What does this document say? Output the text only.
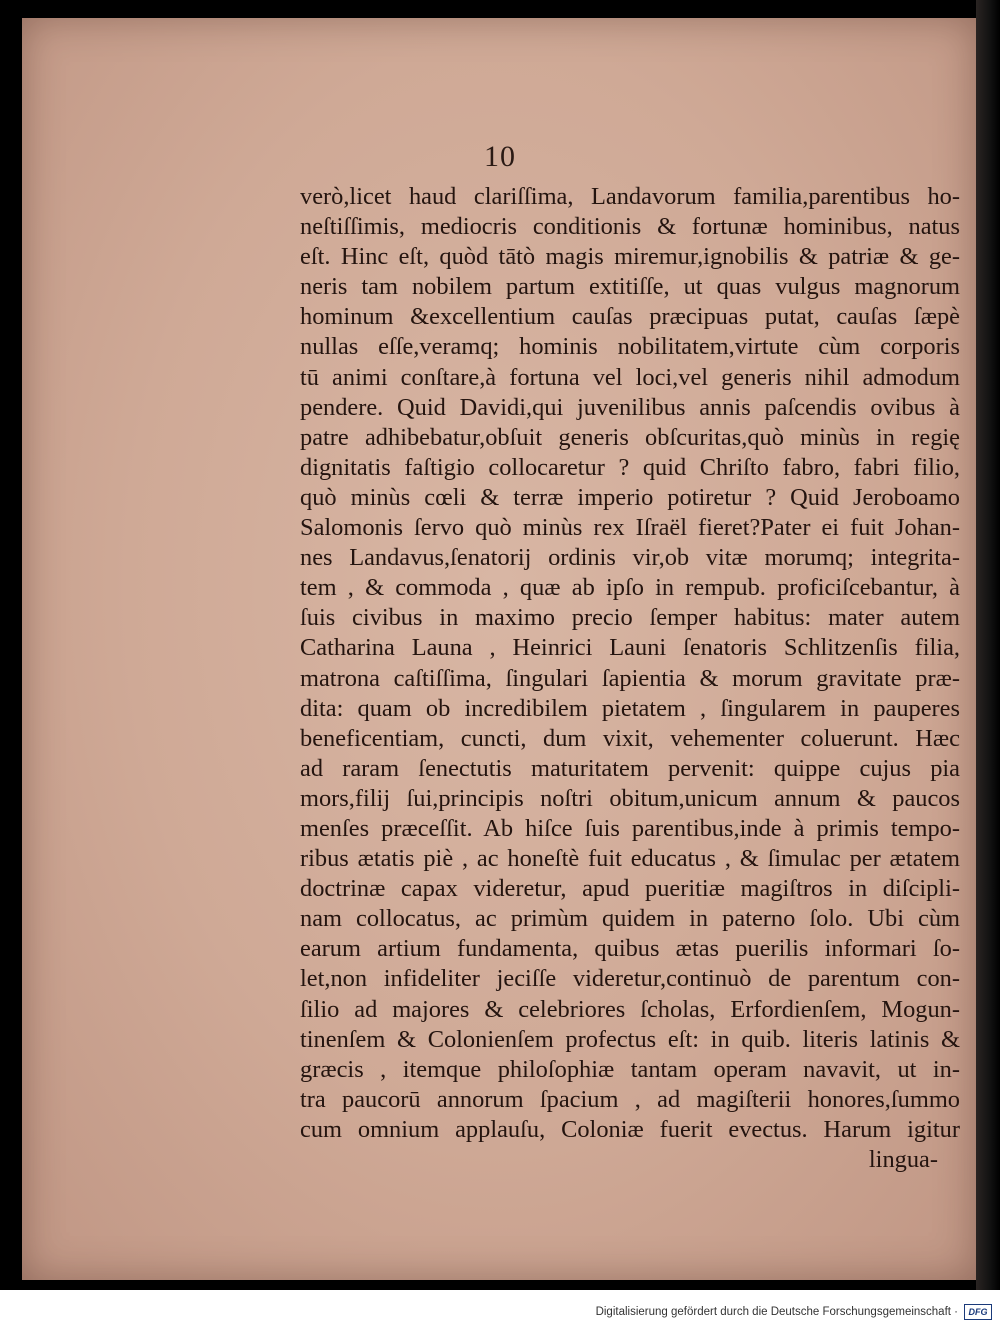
10
verò,licet haud clariſſima, Landavorum familia,parentibus ho-
neſtiſſimis, mediocris conditionis & fortunæ hominibus, natus
eſt. Hinc eſt, quòd tātò magis miremur,ignobilis & patriæ & ge-
neris tam nobilem partum extitiſſe, ut quas vulgus magnorum
hominum &excellentium cauſas præcipuas putat, cauſas ſæpè
nullas eſſe,veramq; hominis nobilitatem,virtute cùm corporis
tū animi conſtare,à fortuna vel loci,vel generis nihil admodum
pendere. Quid Davidi,qui juvenilibus annis paſcendis ovibus à
patre adhibebatur,obſuit generis obſcuritas,quò minùs in regię
dignitatis faſtigio collocaretur ? quid Chriſto fabro, fabri filio,
quò minùs cœli & terræ imperio potiretur ? Quid Jeroboamo
Salomonis ſervo quò minùs rex Iſraël fieret?Pater ei fuit Johan-
nes Landavus,ſenatorij ordinis vir,ob vitæ morumq; integrita-
tem , & commoda , quæ ab ipſo in rempub. proficiſcebantur, à
ſuis civibus in maximo precio ſemper habitus: mater autem
Catharina Launa , Heinrici Launi ſenatoris Schlitzenſis filia,
matrona caſtiſſima, ſingulari ſapientia & morum gravitate præ-
dita: quam ob incredibilem pietatem , ſingularem in pauperes
beneficentiam, cuncti, dum vixit, vehementer coluerunt. Hæc
ad raram ſenectutis maturitatem pervenit: quippe cujus pia
mors,filij ſui,principis noſtri obitum,unicum annum & paucos
menſes præceſſit. Ab hiſce ſuis parentibus,inde à primis tempo-
ribus ætatis piè , ac honeſtè fuit educatus , & ſimulac per ætatem
doctrinæ capax videretur, apud pueritiæ magiſtros in diſcipli-
nam collocatus, ac primùm quidem in paterno ſolo. Ubi cùm
earum artium fundamenta, quibus ætas puerilis informari ſo-
let,non infideliter jeciſſe videretur,continuò de parentum con-
ſilio ad majores & celebriores ſcholas, Erfordienſem, Mogun-
tinenſem & Colonienſem profectus eſt: in quib. literis latinis &
græcis , itemque philoſophiæ tantam operam navavit, ut in-
tra paucorū annorum ſpacium , ad magiſterii honores,ſummo
cum omnium applauſu, Coloniæ fuerit evectus. Harum igitur
lingua-
Digitalisierung gefördert durch die Deutsche Forschungsgemeinschaft ·	DFG
